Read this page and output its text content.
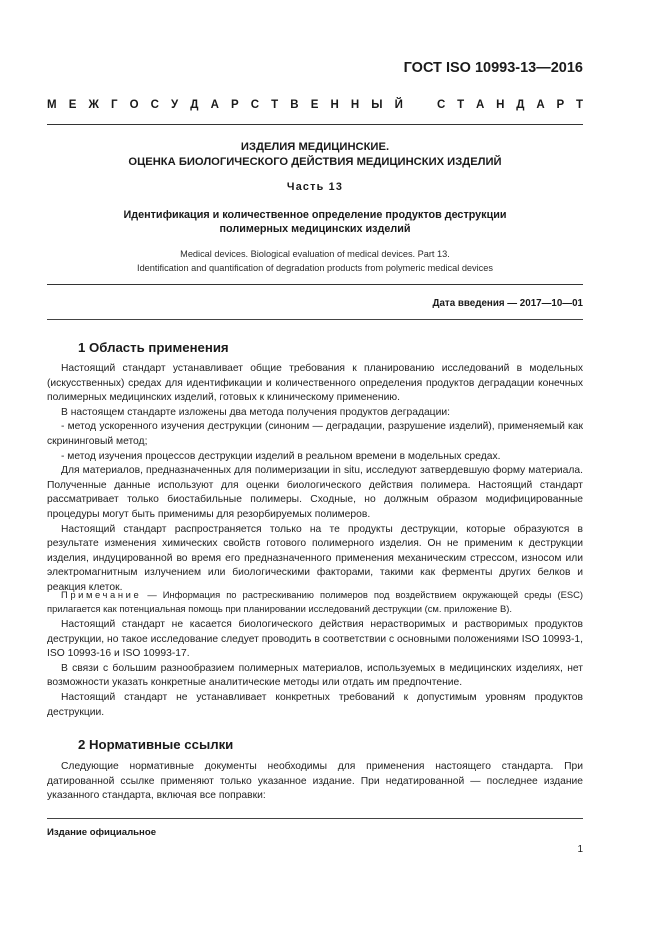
ГОСТ ISO 10993-13—2016
М Е Ж Г О С У Д А Р С Т В Е Н Н Ы Й	С Т А Н Д А Р Т
ИЗДЕЛИЯ МЕДИЦИНСКИЕ.
ОЦЕНКА БИОЛОГИЧЕСКОГО ДЕЙСТВИЯ МЕДИЦИНСКИХ ИЗДЕЛИЙ
Часть 13
Идентификация и количественное определение продуктов деструкции
полимерных медицинских изделий
Medical devices. Biological evaluation of medical devices. Part 13.
Identification and quantification of degradation products from polymeric medical devices
Дата введения — 2017—10—01
1 Область применения

Настоящий стандарт устанавливает общие требования к планированию исследований в модельных (искусственных) средах для идентификации и количественного определения продуктов деградации конечных полимерных медицинских изделий, готовых к клиническому применению.

В настоящем стандарте изложены два метода получения продуктов деградации:

- метод ускоренного изучения деструкции (синоним — деградации, разрушение изделий), применяемый как скрининговый метод;

- метод изучения процессов деструкции изделий в реальном времени в модельных средах.

Для материалов, предназначенных для полимеризации in situ, исследуют затвердевшую форму материала. Полученные данные используют для оценки биологического действия полимера. Настоящий стандарт рассматривает только биостабильные полимеры. Сходные, но должным образом модифицированные процедуры могут быть применимы для резорбируемых полимеров.

Настоящий стандарт распространяется только на те продукты деструкции, которые образуются в результате изменения химических свойств готового полимерного изделия. Он не применим к деструкции изделия, индуцированной во время его предназначенного применения механическим стрессом, износом или электромагнитным излучением или биологическими факторами, такими как ферменты других белков и реакция клеток.

Примечание — Информация по растрескиванию полимеров под воздействием окружающей среды (ESC) прилагается как потенциальная помощь при планировании исследований деструкции (см. приложение В).

Настоящий стандарт не касается биологического действия нерастворимых и растворимых продуктов деструкции, но такое исследование следует проводить в соответствии с основными положениями ISO 10993-1, ISO 10993-16 и ISO 10993-17.

В связи с большим разнообразием полимерных материалов, используемых в медицинских изделиях, нет возможности указать конкретные аналитические методы или отдать им предпочтение.

Настоящий стандарт не устанавливает конкретных требований к допустимым уровням продуктов деструкции.

2 Нормативные ссылки

Следующие нормативные документы необходимы для применения настоящего стандарта. При датированной ссылке применяют только указанное издание. При недатированной — последнее издание указанного стандарта, включая все поправки:

Издание официальное
1
